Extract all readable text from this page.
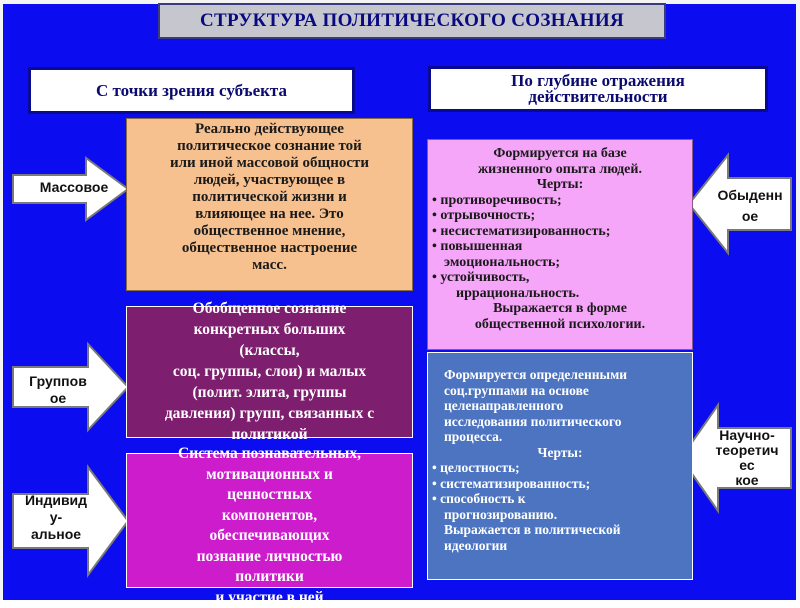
СТРУКТУРА ПОЛИТИЧЕСКОГО СОЗНАНИЯ
С точки зрения субъекта	По глубине отражения
действительности
Массовое
Группов
ое
Индивид
у-
альное
Обыденн
ое
Научно-
теоретич
ес
кое
Реально действующее
политическое сознание той
или иной массовой общности
людей, участвующее в
политической жизни и
влияющее на нее. Это
общественное мнение,
общественное настроение
масс.
Обобщенное сознание
конкретных больших
(классы,
соц. группы, слои) и малых
(полит. элита, группы
давления) групп, связанных с
политикой
Система познавательных,
мотивационных и
ценностных
компонентов,
обеспечивающих
познание личностью
политики
и участие в ней
Формируется на базе
жизненного опыта людей.
Черты:
• противоречивость;
• отрывочность;
• несистематизированность;
• повышенная
эмоциональность;
• устойчивость,
иррациональность.
Выражается в форме
общественной психологии.
Формируется определенными
соц.группами на основе
целенаправленного
исследования политического
процесса.
Черты:
• целостность;
• систематизированность;
• способность к
прогнозированию.
Выражается в политической
идеологии
